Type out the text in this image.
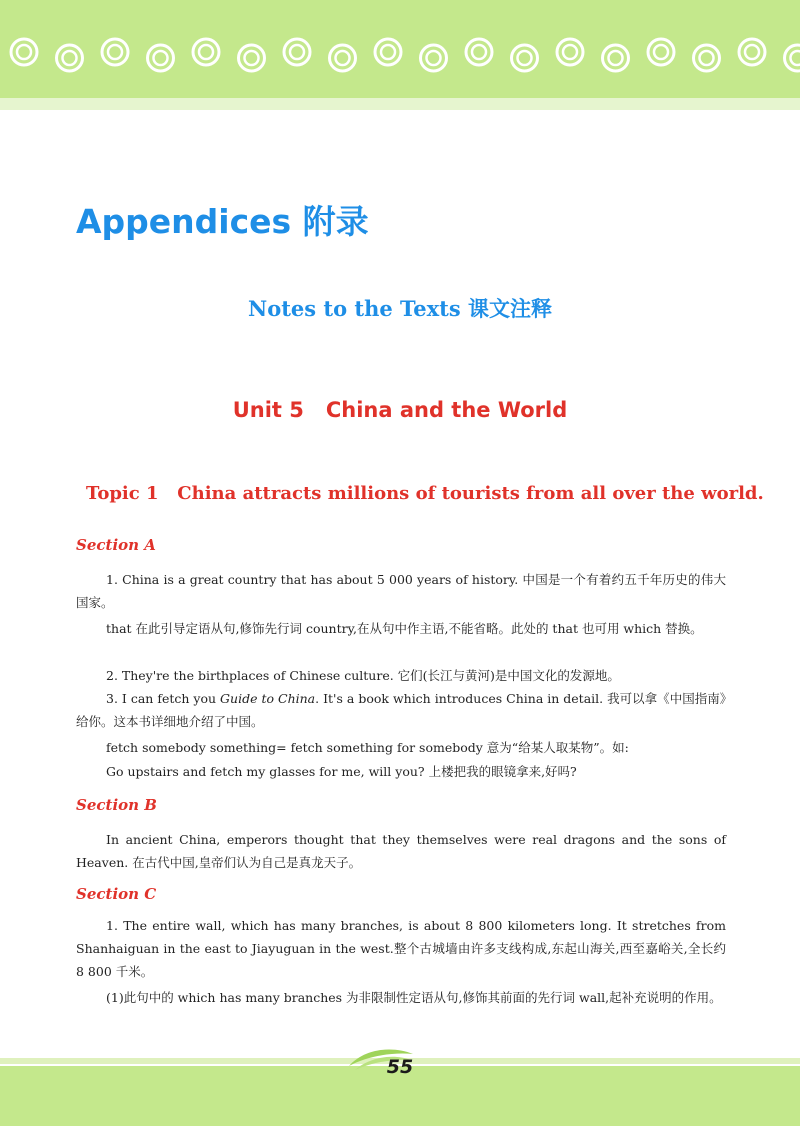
Appendices 附录
Notes to the Texts 课文注释
Unit 5   China and the World
Topic 1   China attracts millions of tourists from all over the world.
Section A

1. China is a great country that has about 5 000 years of history. 中国是一个有着约五千年历史的伟大国家。

that 在此引导定语从句,修饰先行词 country,在从句中作主语,不能省略。此处的 that 也可用 which 替换。

2. They're the birthplaces of Chinese culture. 它们(长江与黄河)是中国文化的发源地。

3. I can fetch you Guide to China. It's a book which introduces China in detail. 我可以拿《中国指南》给你。这本书详细地介绍了中国。

fetch somebody something= fetch something for somebody 意为“给某人取某物”。如:

Go upstairs and fetch my glasses for me, will you? 上楼把我的眼镜拿来,好吗?

Section B

In ancient China, emperors thought that they themselves were real dragons and the sons of Heaven. 在古代中国,皇帝们认为自己是真龙天子。

Section C

1. The entire wall, which has many branches, is about 8 800 kilometers long. It stretches from Shanhaiguan in the east to Jiayuguan in the west.整个古城墙由许多支线构成,东起山海关,西至嘉峪关,全长约 8 800 千米。

(1)此句中的 which has many branches 为非限制性定语从句,修饰其前面的先行词 wall,起补充说明的作用。

55
